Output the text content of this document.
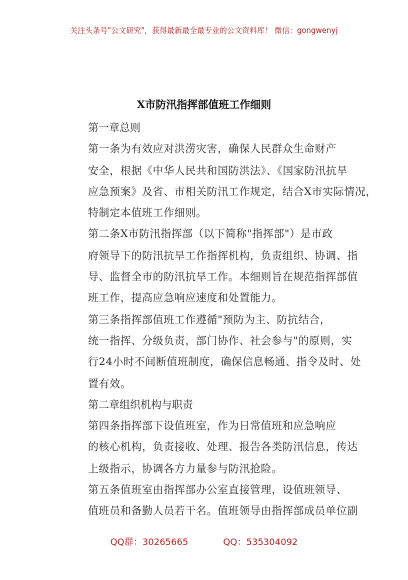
关注头条号"公文研究"，获得最新最全最专业的公文资料库！ 微信：gongwenyj
X市防汛指挥部值班工作细则
第一章总则
第一条为有效应对洪涝灾害，确保人民群众生命财产
安全，根据《中华人民共和国防洪法》、《国家防汛抗旱
应急预案》及省、市相关防汛工作规定，结合X市实际情况，
特制定本值班工作细则。
第二条X市防汛指挥部（以下简称"指挥部"）是市政
府领导下的防汛抗旱工作指挥机构，负责组织、协调、指
导、监督全市的防汛抗旱工作。本细则旨在规范指挥部值
班工作，提高应急响应速度和处置能力。
第三条指挥部值班工作遵循"预防为主、防抗结合，
统一指挥、分级负责，部门协作、社会参与"的原则，实
行24小时不间断值班制度，确保信息畅通、指令及时、处
置有效。
第二章组织机构与职责
第四条指挥部下设值班室，作为日常值班和应急响应
的核心机构，负责接收、处理、报告各类防汛信息，传达
上级指示，协调各方力量参与防汛抢险。
第五条值班室由指挥部办公室直接管理，设值班领导、
值班员和备勤人员若干名。值班领导由指挥部成员单位副
QQ群：30265665	QQ：535304092
